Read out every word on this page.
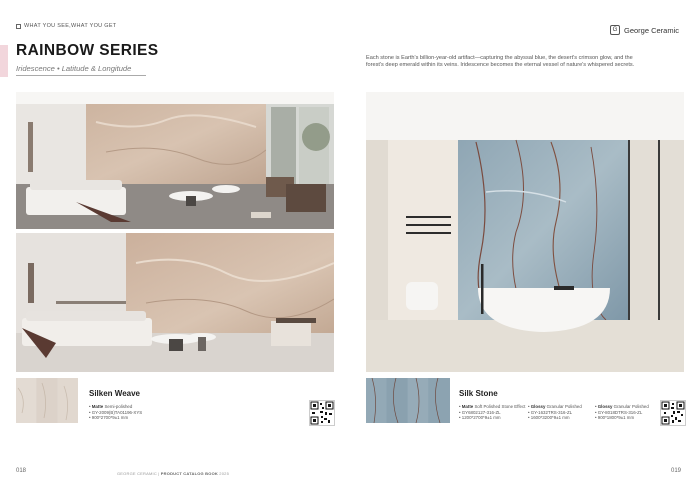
WHAT YOU SEE,WHAT YOU GET
RAINBOW SERIES
Iridescence • Latitude & Longitude
G George Ceramic
Each stone is Earth's billion-year-old artifact—capturing the abyssal blue, the desert's crimson glow, and the forest's deep emerald within its veins. Iridescence becomes the eternal vessel of nature's whispered secrets.
Silken Weave
• Matte Semi-polished
• GY-2009(B)TA01196-XYS
• 900*2700*9±1 mm
Silk Stone
• Matte Soft Polished Stone Effect
• GY6802127-316-ZL
• 1200*2700*9±1 mm
• Glossy Granular Polished
• GY-1632TRS-316-ZL
• 1600*3200*9±1 mm
• Glossy Granular Polished
• GY-8018DTRS-316-ZL
• 900*1800*9±1 mm
018	GEORGE CERAMIC | PRODUCT CATALOG BOOK 2025	019
